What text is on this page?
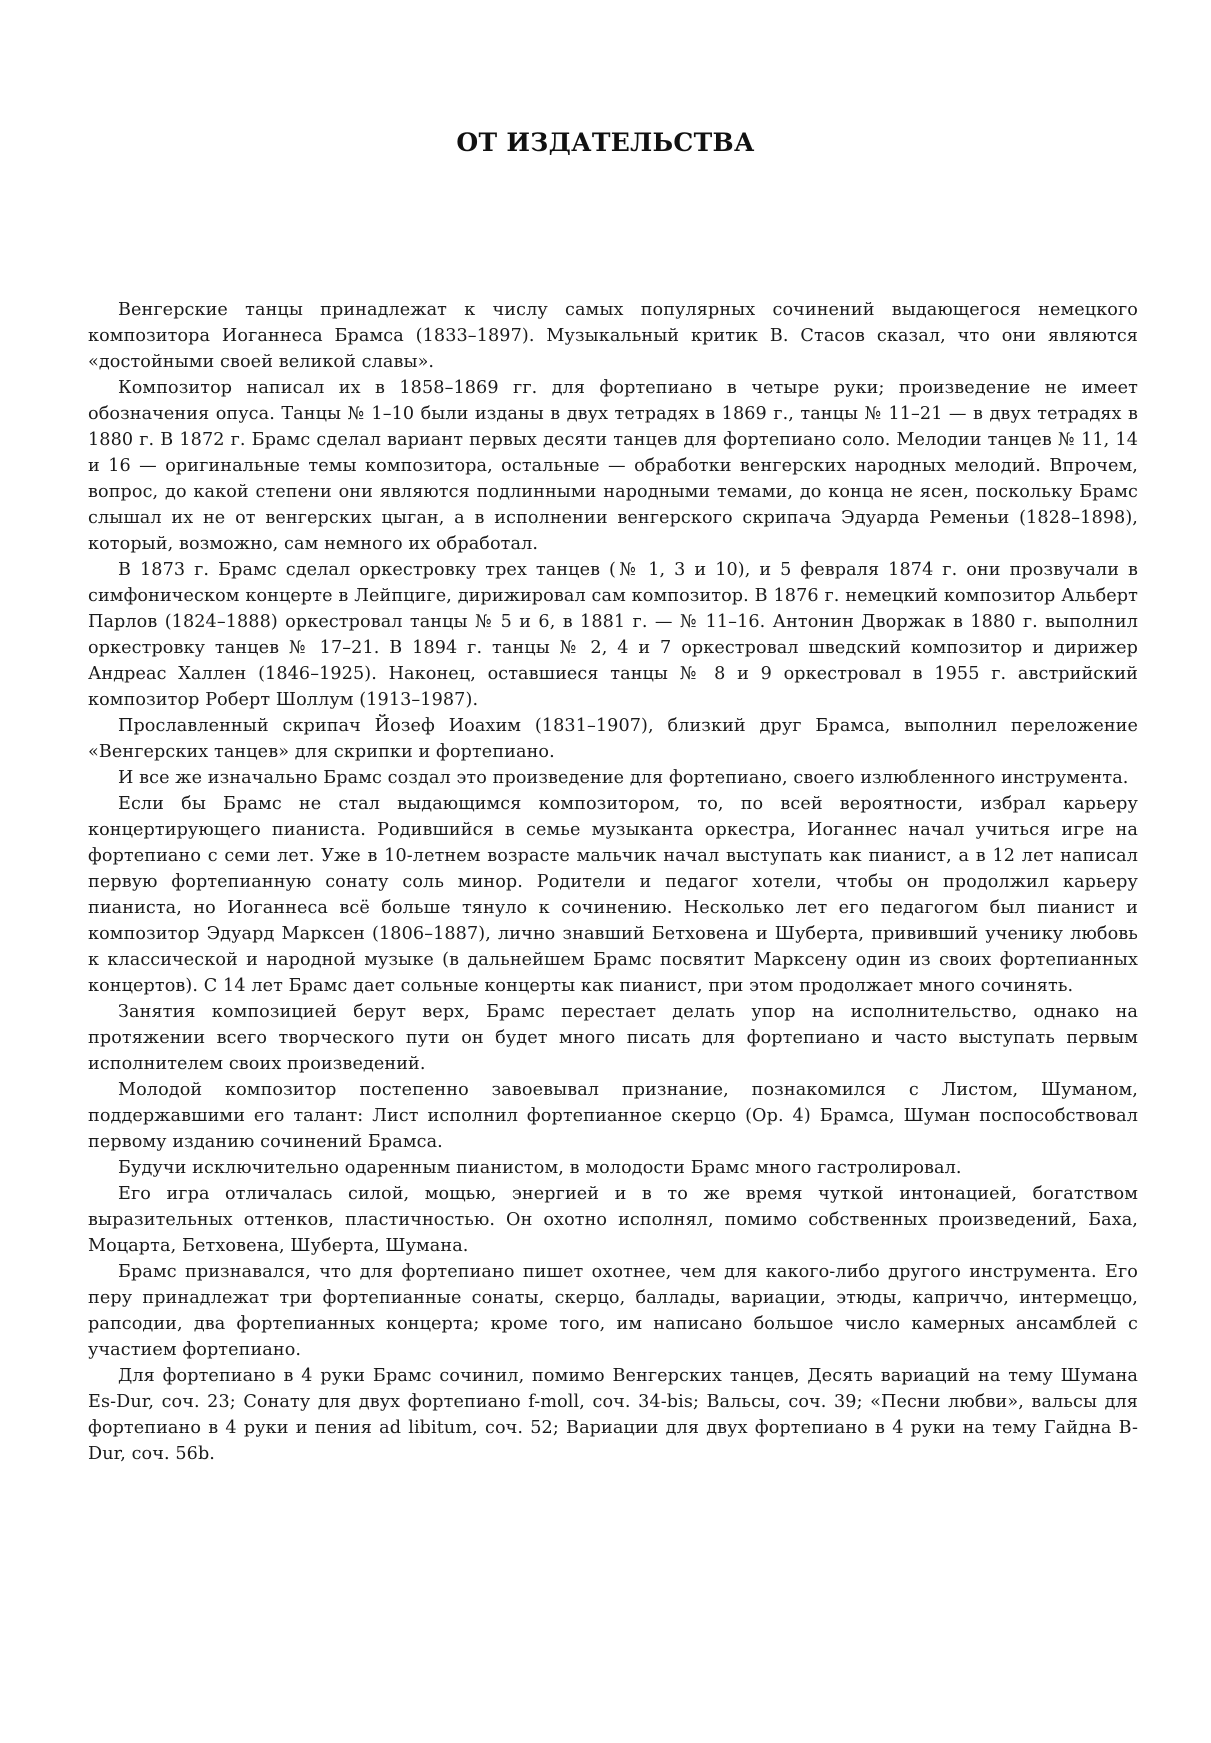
ОТ ИЗДАТЕЛЬСТВА

Венгерские танцы принадлежат к числу самых популярных сочинений выдающегося немецкого композитора Иоганнеса Брамса (1833–1897). Музыкальный критик В. Стасов сказал, что они являются «достойными своей великой славы».

Композитор написал их в 1858–1869 гг. для фортепиано в четыре руки; произведение не имеет обозначения опуса. Танцы № 1–10 были изданы в двух тетрадях в 1869 г., танцы № 11–21 — в двух тетрадях в 1880 г. В 1872 г. Брамс сделал вариант первых десяти танцев для фортепиано соло. Мелодии танцев № 11, 14 и 16 — оригинальные темы композитора, остальные — обработки венгерских народных мелодий. Впрочем, вопрос, до какой степени они являются подлинными народными темами, до конца не ясен, поскольку Брамс слышал их не от венгерских цыган, а в исполнении венгерского скрипача Эдуарда Ременьи (1828–1898), который, возможно, сам немного их обработал.

В 1873 г. Брамс сделал оркестровку трех танцев (№ 1, 3 и 10), и 5 февраля 1874 г. они прозвучали в симфоническом концерте в Лейпциге, дирижировал сам композитор. В 1876 г. немецкий композитор Альберт Парлов (1824–1888) оркестровал танцы № 5 и 6, в 1881 г. — № 11–16. Антонин Дворжак в 1880 г. выполнил оркестровку танцев № 17–21. В 1894 г. танцы № 2, 4 и 7 оркестровал шведский композитор и дирижер Андреас Халлен (1846–1925). Наконец, оставшиеся танцы № 8 и 9 оркестровал в 1955 г. австрийский композитор Роберт Шоллум (1913–1987).

Прославленный скрипач Йозеф Иоахим (1831–1907), близкий друг Брамса, выполнил переложение «Венгерских танцев» для скрипки и фортепиано.

И все же изначально Брамс создал это произведение для фортепиано, своего излюбленного инструмента.

Если бы Брамс не стал выдающимся композитором, то, по всей вероятности, избрал карьеру концертирующего пианиста. Родившийся в семье музыканта оркестра, Иоганнес начал учиться игре на фортепиано с семи лет. Уже в 10-летнем возрасте мальчик начал выступать как пианист, а в 12 лет написал первую фортепианную сонату соль минор. Родители и педагог хотели, чтобы он продолжил карьеру пианиста, но Иоганнеса всё больше тянуло к сочинению. Несколько лет его педагогом был пианист и композитор Эдуард Марксен (1806–1887), лично знавший Бетховена и Шуберта, прививший ученику любовь к классической и народной музыке (в дальнейшем Брамс посвятит Марксену один из своих фортепианных концертов). С 14 лет Брамс дает сольные концерты как пианист, при этом продолжает много сочинять.

Занятия композицией берут верх, Брамс перестает делать упор на исполнительство, однако на протяжении всего творческого пути он будет много писать для фортепиано и часто выступать первым исполнителем своих произведений.

Молодой композитор постепенно завоевывал признание, познакомился с Листом, Шуманом, поддержавшими его талант: Лист исполнил фортепианное скерцо (Ор. 4) Брамса, Шуман поспособствовал первому изданию сочинений Брамса.

Будучи исключительно одаренным пианистом, в молодости Брамс много гастролировал.

Его игра отличалась силой, мощью, энергией и в то же время чуткой интонацией, богатством выразительных оттенков, пластичностью. Он охотно исполнял, помимо собственных произведений, Баха, Моцарта, Бетховена, Шуберта, Шумана.

Брамс признавался, что для фортепиано пишет охотнее, чем для какого-либо другого инструмента. Его перу принадлежат три фортепианные сонаты, скерцо, баллады, вариации, этюды, каприччо, интермеццо, рапсодии, два фортепианных концерта; кроме того, им написано большое число камерных ансамблей с участием фортепиано.

Для фортепиано в 4 руки Брамс сочинил, помимо Венгерских танцев, Десять вариаций на тему Шумана Es-Dur, соч. 23; Сонату для двух фортепиано f-moll, соч. 34-bis; Вальсы, соч. 39; «Песни любви», вальсы для фортепиано в 4 руки и пения ad libitum, соч. 52; Вариации для двух фортепиано в 4 руки на тему Гайдна B-Dur, соч. 56b.
